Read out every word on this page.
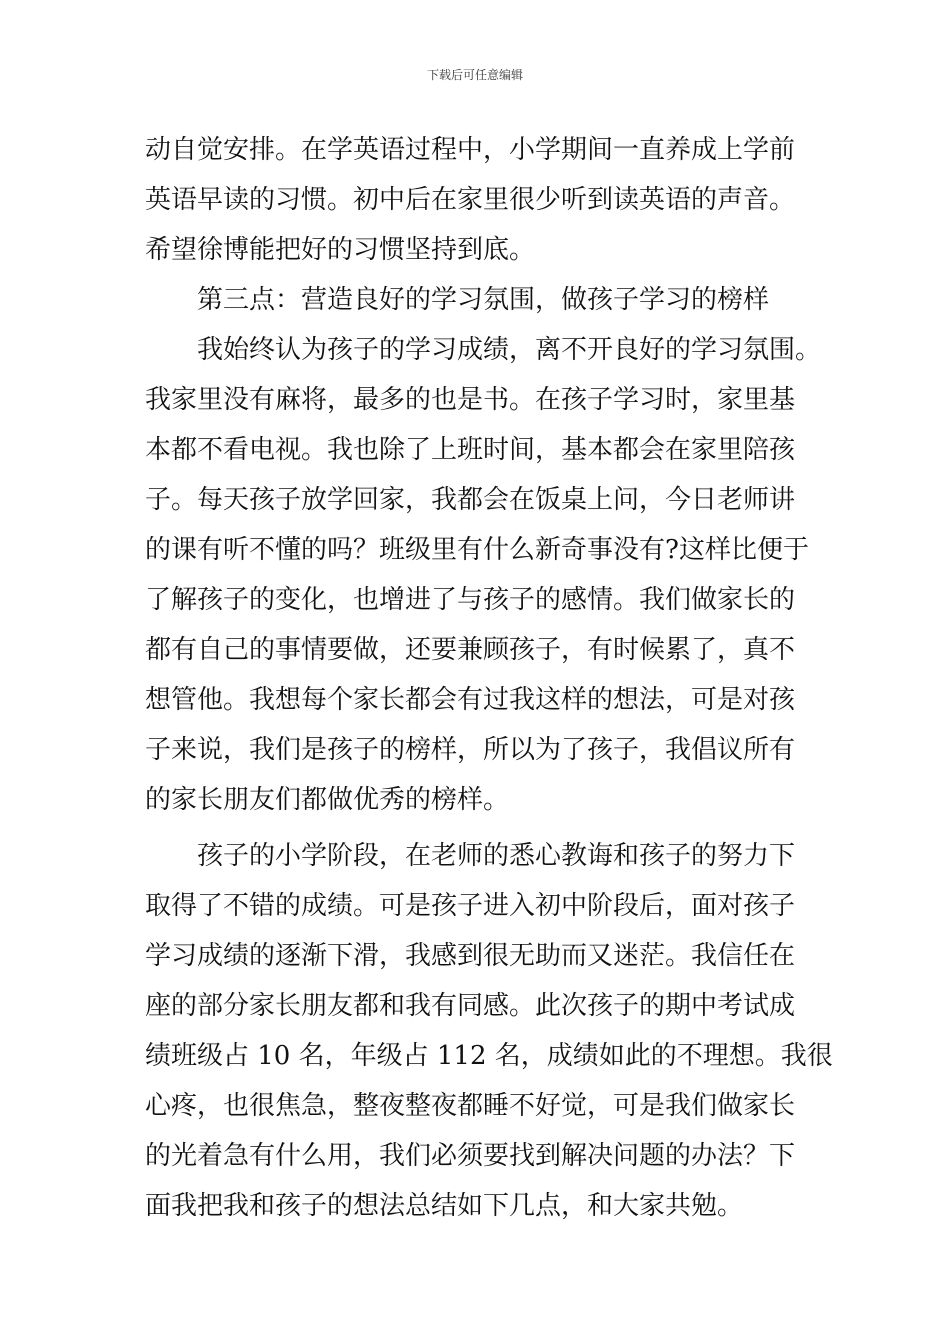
下载后可任意编辑
动自觉安排。在学英语过程中，小学期间一直养成上学前
英语早读的习惯。初中后在家里很少听到读英语的声音。
希望徐博能把好的习惯坚持到底。
第三点：营造良好的学习氛围，做孩子学习的榜样
我始终认为孩子的学习成绩，离不开良好的学习氛围。
我家里没有麻将，最多的也是书。在孩子学习时，家里基
本都不看电视。我也除了上班时间，基本都会在家里陪孩
子。每天孩子放学回家，我都会在饭桌上问，今日老师讲
的课有听不懂的吗？班级里有什么新奇事没有?这样比便于
了解孩子的变化，也增进了与孩子的感情。我们做家长的
都有自己的事情要做，还要兼顾孩子，有时候累了，真不
想管他。我想每个家长都会有过我这样的想法，可是对孩
子来说，我们是孩子的榜样，所以为了孩子，我倡议所有
的家长朋友们都做优秀的榜样。
孩子的小学阶段，在老师的悉心教诲和孩子的努力下
取得了不错的成绩。可是孩子进入初中阶段后，面对孩子
学习成绩的逐渐下滑，我感到很无助而又迷茫。我信任在
座的部分家长朋友都和我有同感。此次孩子的期中考试成
绩班级占 10 名，年级占 112 名，成绩如此的不理想。我很
心疼，也很焦急，整夜整夜都睡不好觉，可是我们做家长
的光着急有什么用，我们必须要找到解决问题的办法？下
面我把我和孩子的想法总结如下几点，和大家共勉。
